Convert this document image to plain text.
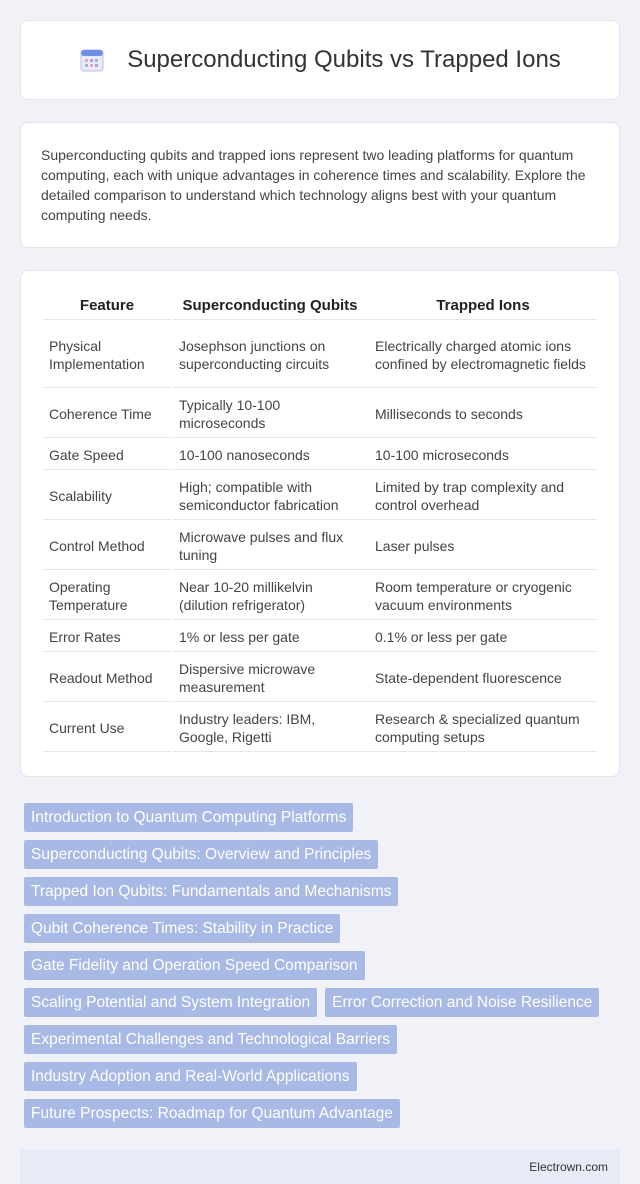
Superconducting Qubits vs Trapped Ions

Superconducting qubits and trapped ions represent two leading platforms for quantum computing, each with unique advantages in coherence times and scalability. Explore the detailed comparison to understand which technology aligns best with your quantum computing needs.

Feature	Superconducting Qubits	Trapped Ions
Physical Implementation	Josephson junctions on superconducting circuits	Electrically charged atomic ions confined by electromagnetic fields
Coherence Time	Typically 10-100 microseconds	Milliseconds to seconds
Gate Speed	10-100 nanoseconds	10-100 microseconds
Scalability	High; compatible with semiconductor fabrication	Limited by trap complexity and control overhead
Control Method	Microwave pulses and flux tuning	Laser pulses
Operating Temperature	Near 10-20 millikelvin (dilution refrigerator)	Room temperature or cryogenic vacuum environments
Error Rates	1% or less per gate	0.1% or less per gate
Readout Method	Dispersive microwave measurement	State-dependent fluorescence
Current Use	Industry leaders: IBM, Google, Rigetti	Research & specialized quantum computing setups
Introduction to Quantum Computing Platforms
Superconducting Qubits: Overview and Principles
Trapped Ion Qubits: Fundamentals and Mechanisms
Qubit Coherence Times: Stability in Practice
Gate Fidelity and Operation Speed Comparison
Scaling Potential and System Integration	Error Correction and Noise Resilience
Experimental Challenges and Technological Barriers
Industry Adoption and Real-World Applications
Future Prospects: Roadmap for Quantum Advantage
Electrown.com
